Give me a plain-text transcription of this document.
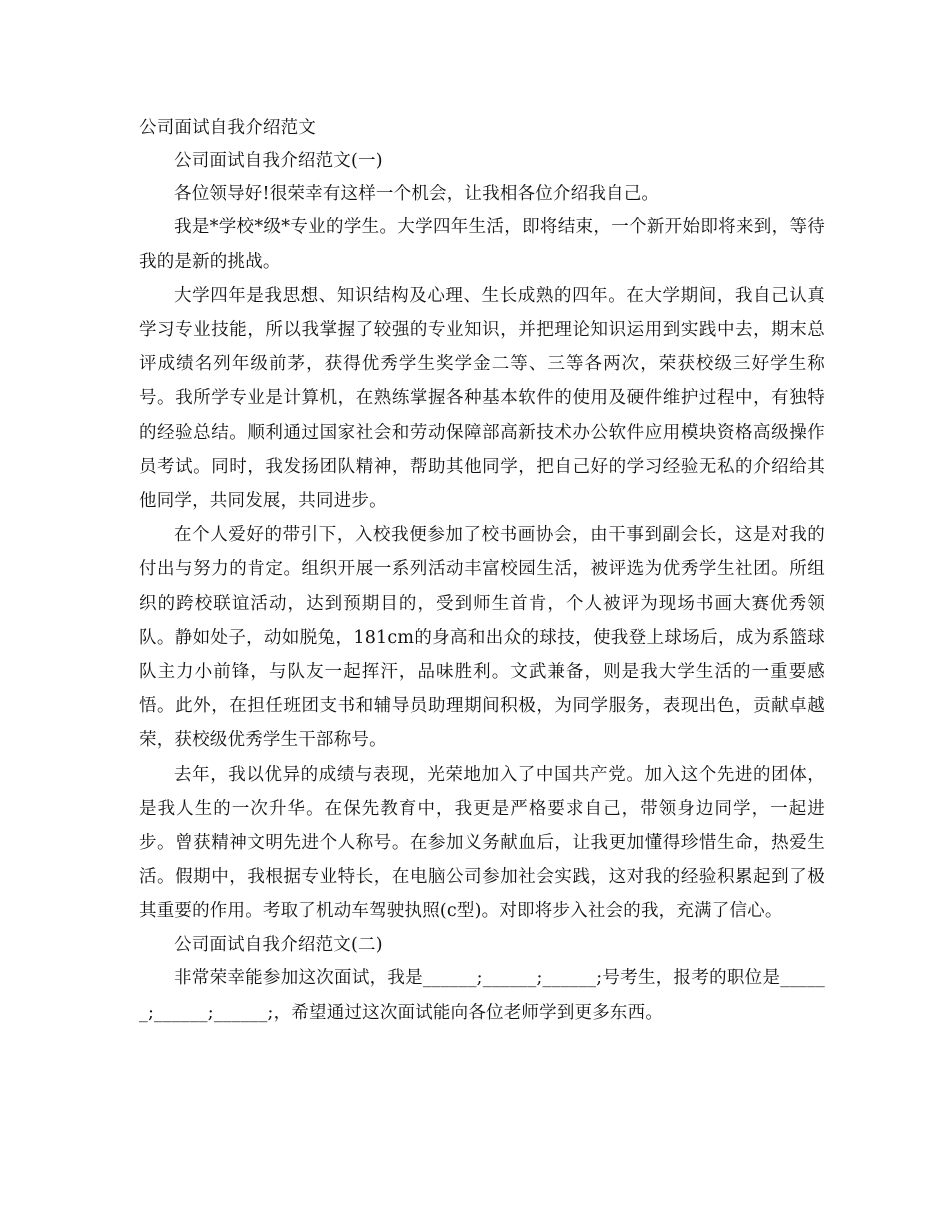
公司面试自我介绍范文
公司面试自我介绍范文(一)

各位领导好!很荣幸有这样一个机会，让我相各位介绍我自己。

我是*学校*级*专业的学生。大学四年生活，即将结束，一个新开始即将来到，等待我的是新的挑战。

大学四年是我思想、知识结构及心理、生长成熟的四年。在大学期间，我自己认真学习专业技能，所以我掌握了较强的专业知识，并把理论知识运用到实践中去，期末总评成绩名列年级前茅，获得优秀学生奖学金二等、三等各两次，荣获校级三好学生称号。我所学专业是计算机，在熟练掌握各种基本软件的使用及硬件维护过程中，有独特的经验总结。顺利通过国家社会和劳动保障部高新技术办公软件应用模块资格高级操作员考试。同时，我发扬团队精神，帮助其他同学，把自己好的学习经验无私的介绍给其他同学，共同发展，共同进步。

在个人爱好的带引下，入校我便参加了校书画协会，由干事到副会长，这是对我的付出与努力的肯定。组织开展一系列活动丰富校园生活，被评选为优秀学生社团。所组织的跨校联谊活动，达到预期目的，受到师生首肯，个人被评为现场书画大赛优秀领队。静如处子，动如脱兔，181cm的身高和出众的球技，使我登上球场后，成为系篮球队主力小前锋，与队友一起挥汗，品味胜利。文武兼备，则是我大学生活的一重要感悟。此外，在担任班团支书和辅导员助理期间积极，为同学服务，表现出色，贡献卓越荣，获校级优秀学生干部称号。

去年，我以优异的成绩与表现，光荣地加入了中国共产党。加入这个先进的团体，是我人生的一次升华。在保先教育中，我更是严格要求自己，带领身边同学，一起进步。曾获精神文明先进个人称号。在参加义务献血后，让我更加懂得珍惜生命，热爱生活。假期中，我根据专业特长，在电脑公司参加社会实践，这对我的经验积累起到了极其重要的作用。考取了机动车驾驶执照(c型)。对即将步入社会的我，充满了信心。

公司面试自我介绍范文(二)

非常荣幸能参加这次面试，我是______;______;______;号考生，报考的职位是______;______;______;，希望通过这次面试能向各位老师学到更多东西。
